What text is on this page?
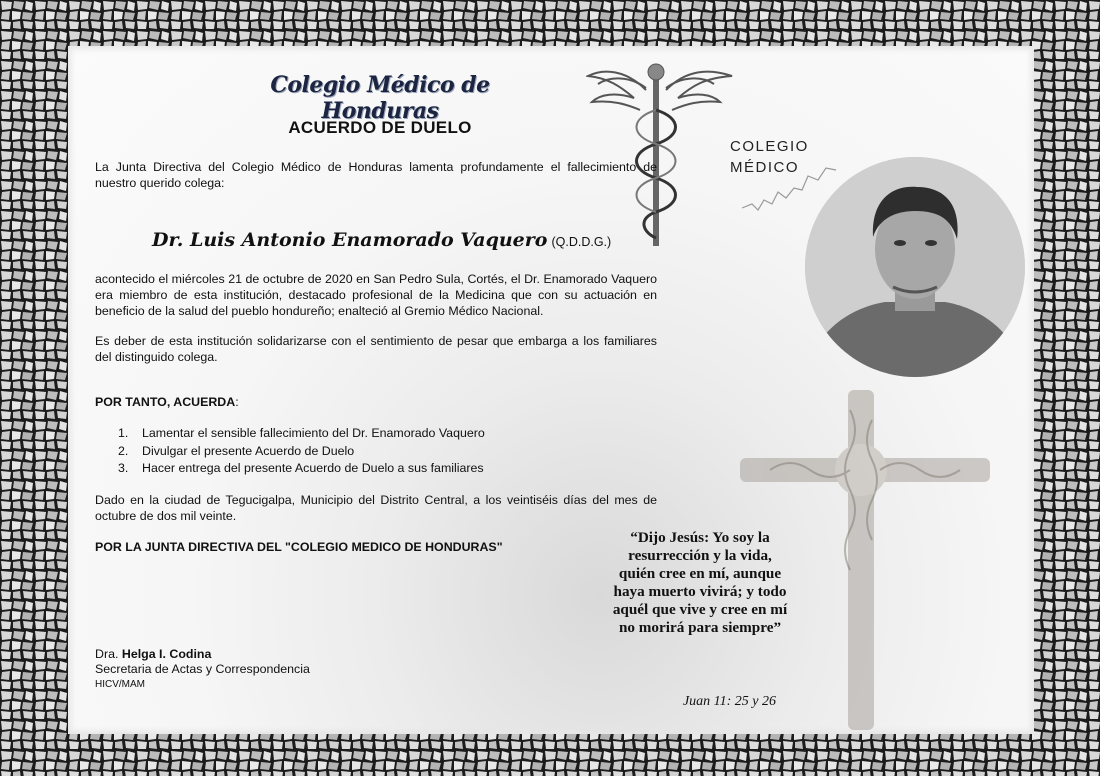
COLEGIO
MÉDICO
Colegio Médico de Honduras
ACUERDO DE DUELO
La Junta Directiva del Colegio Médico de Honduras lamenta profundamente el fallecimiento de nuestro querido colega:
Dr. Luis Antonio Enamorado Vaquero (Q.D.D.G.)
acontecido el miércoles 21 de octubre de 2020 en San Pedro Sula, Cortés, el Dr. Enamorado Vaquero era miembro de esta institución, destacado profesional de la Medicina que con su actuación en beneficio de la salud del pueblo hondureño; enalteció al Gremio Médico Nacional.
Es deber de esta institución solidarizarse con el sentimiento de pesar que embarga a los familiares del distinguido colega.
POR TANTO, ACUERDA:
1.	Lamentar el sensible fallecimiento del Dr. Enamorado Vaquero
2.	Divulgar el presente Acuerdo de Duelo
3.	Hacer entrega del presente Acuerdo de Duelo a sus familiares
Dado en la ciudad de Tegucigalpa, Municipio del Distrito Central, a los veintiséis días del mes de octubre de dos mil veinte.
POR LA JUNTA DIRECTIVA DEL "COLEGIO MEDICO DE HONDURAS"
Dra. Helga I. Codina
Secretaria de Actas y Correspondencia
HICV/MAM
“Dijo Jesús: Yo soy la resurrección y la vida, quién cree en mí, aunque haya muerto vivirá; y todo aquél que vive y cree en mí no morirá para siempre”
Juan 11: 25 y 26
